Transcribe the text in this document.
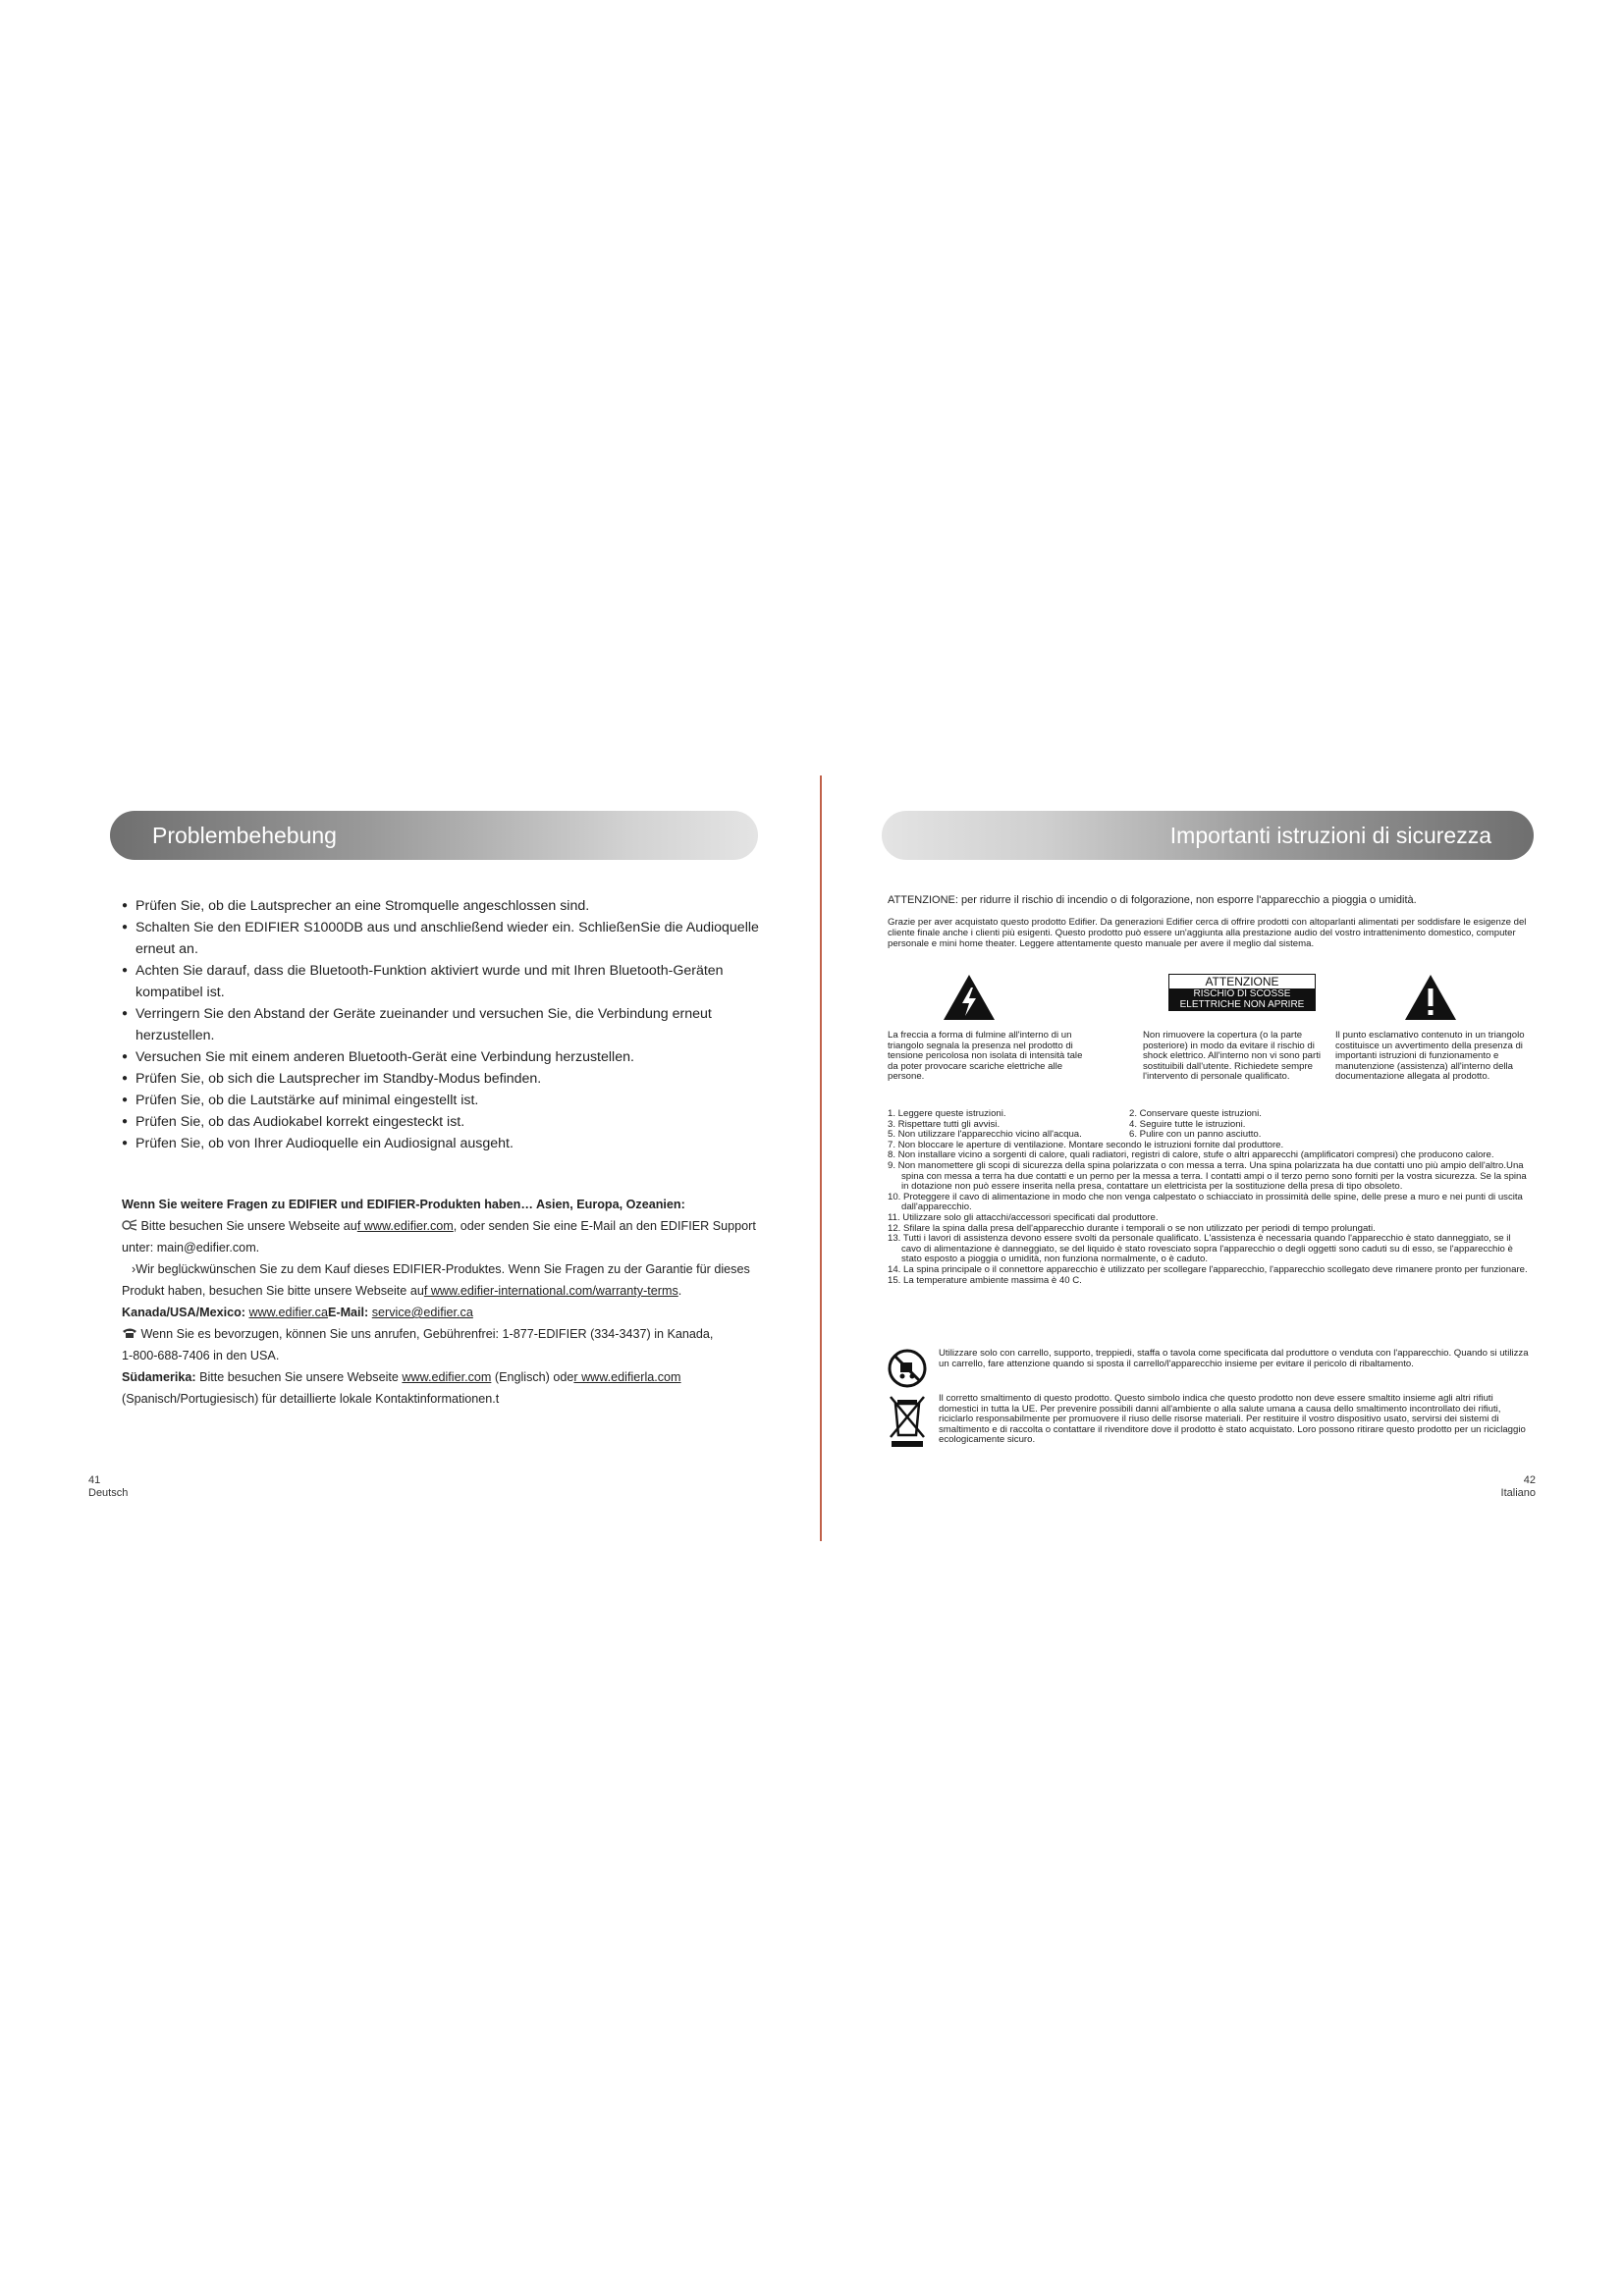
Problembehebung
● Prüfen Sie, ob die Lautsprecher an eine Stromquelle angeschlossen sind.
● Schalten Sie den EDIFIER S1000DB aus und anschließend wieder ein. SchließenSie die Audioquelle erneut an.
● Achten Sie darauf, dass die Bluetooth-Funktion aktiviert wurde und mit Ihren Bluetooth-Geräten kompatibel ist.
● Verringern Sie den Abstand der Geräte zueinander und versuchen Sie, die Verbindung erneut herzustellen.
● Versuchen Sie mit einem anderen Bluetooth-Gerät eine Verbindung herzustellen.
● Prüfen Sie, ob sich die Lautsprecher im Standby-Modus befinden.
● Prüfen Sie, ob die Lautstärke auf minimal eingestellt ist.
● Prüfen Sie, ob das Audiokabel korrekt eingesteckt ist.
● Prüfen Sie, ob von Ihrer Audioquelle ein Audiosignal ausgeht.

Wenn Sie weitere Fragen zu EDIFIER und EDIFIER-Produkten haben… Asien, Europa, Ozeanien:

Bitte besuchen Sie unsere Webseite auf www.edifier.com, oder senden Sie eine E-Mail an den EDIFIER Support

unter: main@edifier.com.

›Wir beglückwünschen Sie zu dem Kauf dieses EDIFIER-Produktes. Wenn Sie Fragen zu der Garantie für dieses

Produkt haben, besuchen Sie bitte unsere Webseite auf www.edifier-international.com/warranty-terms.

Kanada/USA/Mexico: www.edifier.caE-Mail: service@edifier.ca

Wenn Sie es bevorzugen, können Sie uns anrufen, Gebührenfrei: 1-877-EDIFIER (334-3437) in Kanada,

1-800-688-7406 in den USA.

Südamerika: Bitte besuchen Sie unsere Webseite www.edifier.com (Englisch) oder www.edifierla.com

(Spanisch/Portugiesisch) für detaillierte lokale Kontaktinformationen.t

41
Deutsch
Importanti istruzioni di sicurezza
ATTENZIONE: per ridurre il rischio di incendio o di folgorazione, non esporre l'apparecchio a pioggia o umidità.
Grazie per aver acquistato questo prodotto Edifier. Da generazioni Edifier cerca di offrire prodotti con altoparlanti alimentati per soddisfare le esigenze del cliente finale anche i clienti più esigenti. Questo prodotto può essere un'aggiunta alla prestazione audio del vostro intrattenimento domestico, computer personale e mini home theater. Leggere attentamente questo manuale per avere il meglio dal sistema.
ATTENZIONE
RISCHIO DI SCOSSE
ELETTRICHE NON APRIRE
La freccia a forma di fulmine all'interno di un triangolo segnala la presenza nel prodotto di tensione pericolosa non isolata di intensità tale da poter provocare scariche elettriche alle persone.
Non rimuovere la copertura (o la parte posteriore) in modo da evitare il rischio di shock elettrico. All'interno non vi sono parti sostituibili dall'utente. Richiedete sempre l'intervento di personale qualificato.
Il punto esclamativo contenuto in un triangolo costituisce un avvertimento della presenza di importanti istruzioni di funzionamento e manutenzione (assistenza) all'interno della documentazione allegata al prodotto.
1. Leggere queste istruzioni.	2. Conservare queste istruzioni.
3. Rispettare tutti gli avvisi.	4. Seguire tutte le istruzioni.
5. Non utilizzare l'apparecchio vicino all'acqua.	6. Pulire con un panno asciutto.
7. Non bloccare le aperture di ventilazione. Montare secondo le istruzioni fornite dal produttore.
8. Non installare vicino a sorgenti di calore, quali radiatori, registri di calore, stufe o altri apparecchi (amplificatori compresi) che producono calore.
9. Non manomettere gli scopi di sicurezza della spina polarizzata o con messa a terra. Una spina polarizzata ha due contatti uno più ampio dell'altro.Una spina con messa a terra ha due contatti e un perno per la messa a terra. I contatti ampi o il terzo perno sono forniti per la vostra sicurezza. Se la spina in dotazione non può essere inserita nella presa, contattare un elettricista per la sostituzione della presa di tipo obsoleto.
10. Proteggere il cavo di alimentazione in modo che non venga calpestato o schiacciato in prossimità delle spine, delle prese a muro e nei punti di uscita dall'apparecchio.
11. Utilizzare solo gli attacchi/accessori specificati dal produttore.
12. Sfilare la spina dalla presa dell'apparecchio durante i temporali o se non utilizzato per periodi di tempo prolungati.
13. Tutti i lavori di assistenza devono essere svolti da personale qualificato. L'assistenza è necessaria quando l'apparecchio è stato danneggiato, se il cavo di alimentazione è danneggiato, se del liquido è stato rovesciato sopra l'apparecchio o degli oggetti sono caduti su di esso, se l'apparecchio è stato esposto a pioggia o umidità, non funziona normalmente, o è caduto.
14. La spina principale o il connettore apparecchio è utilizzato per scollegare l'apparecchio, l'apparecchio scollegato deve rimanere pronto per funzionare.
15. La temperature ambiente massima è 40 C.
Utilizzare solo con carrello, supporto, treppiedi, staffa o tavola come specificata dal produttore o venduta con l'apparecchio. Quando si utilizza un carrello, fare attenzione quando si sposta il carrello/l'apparecchio insieme per evitare il pericolo di ribaltamento.
Il corretto smaltimento di questo prodotto. Questo simbolo indica che questo prodotto non deve essere smaltito insieme agli altri rifiuti domestici in tutta la UE. Per prevenire possibili danni all'ambiente o alla salute umana a causa dello smaltimento incontrollato dei rifiuti, riciclarlo responsabilmente per promuovere il riuso delle risorse materiali. Per restituire il vostro dispositivo usato, servirsi dei sistemi di smaltimento e di raccolta o contattare il rivenditore dove il prodotto è stato acquistato. Loro possono ritirare questo prodotto per un riciclaggio ecologicamente sicuro.
42
Italiano
